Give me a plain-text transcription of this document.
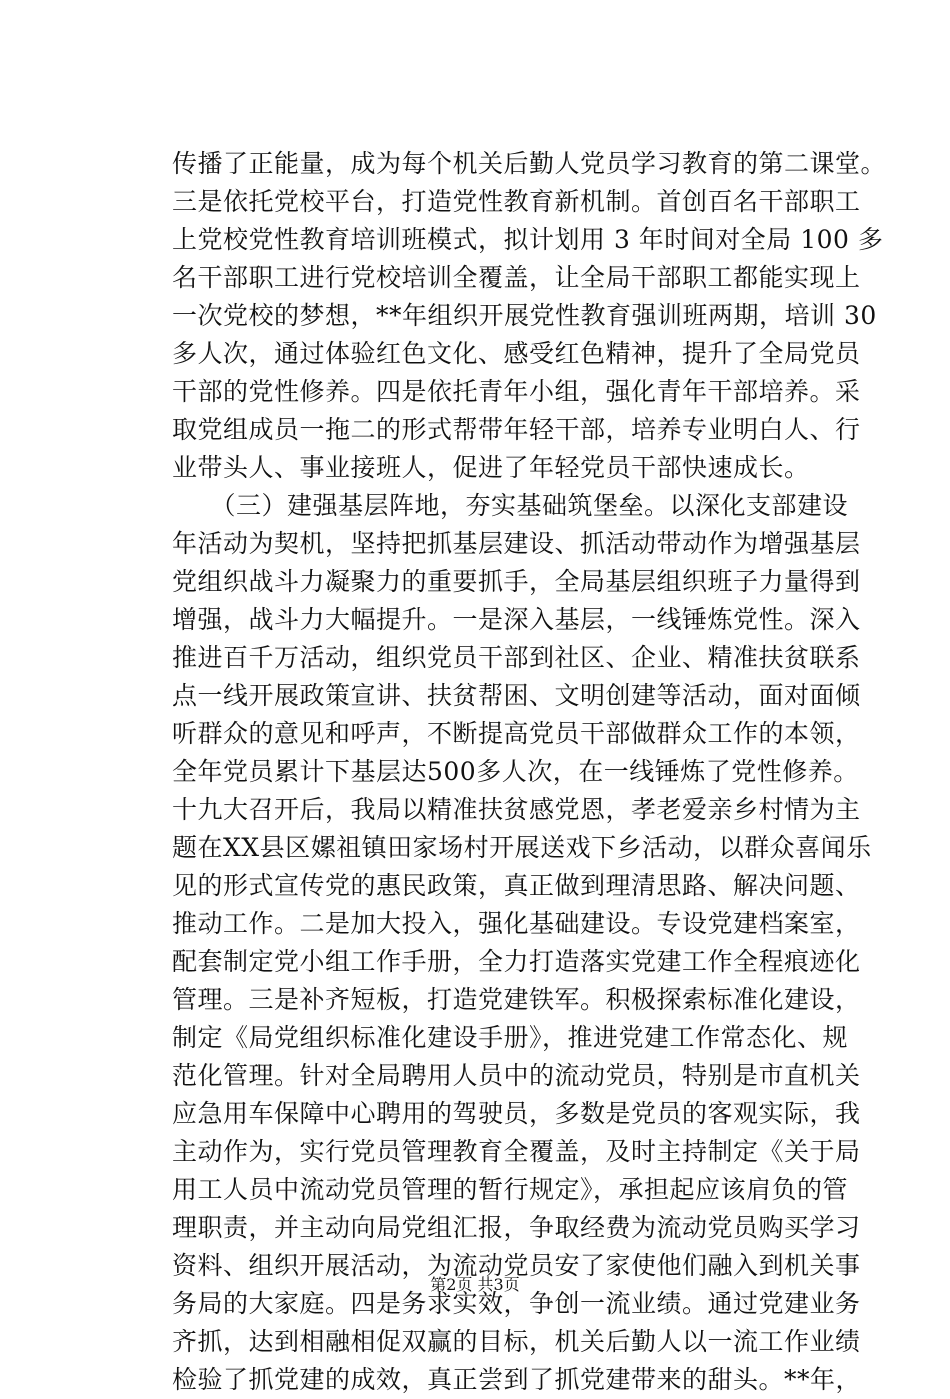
传播了正能量，成为每个机关后勤人党员学习教育的第二课堂。
三是依托党校平台，打造党性教育新机制。首创百名干部职工
上党校党性教育培训班模式，拟计划用 3 年时间对全局 100 多
名干部职工进行党校培训全覆盖，让全局干部职工都能实现上
一次党校的梦想，**年组织开展党性教育强训班两期，培训 30
多人次，通过体验红色文化、感受红色精神，提升了全局党员
干部的党性修养。四是依托青年小组，强化青年干部培养。采
取党组成员一拖二的形式帮带年轻干部，培养专业明白人、行
业带头人、事业接班人，促进了年轻党员干部快速成长。
　　（三）建强基层阵地，夯实基础筑堡垒。以深化支部建设
年活动为契机，坚持把抓基层建设、抓活动带动作为增强基层
党组织战斗力凝聚力的重要抓手，全局基层组织班子力量得到
增强，战斗力大幅提升。一是深入基层，一线锤炼党性。深入
推进百千万活动，组织党员干部到社区、企业、精准扶贫联系
点一线开展政策宣讲、扶贫帮困、文明创建等活动，面对面倾
听群众的意见和呼声，不断提高党员干部做群众工作的本领，
全年党员累计下基层达500多人次，在一线锤炼了党性修养。
十九大召开后，我局以精准扶贫感党恩，孝老爱亲乡村情为主
题在XX县区嫘祖镇田家场村开展送戏下乡活动，以群众喜闻乐
见的形式宣传党的惠民政策，真正做到理清思路、解决问题、
推动工作。二是加大投入，强化基础建设。专设党建档案室，
配套制定党小组工作手册，全力打造落实党建工作全程痕迹化
管理。三是补齐短板，打造党建铁军。积极探索标准化建设，
制定《局党组织标准化建设手册》，推进党建工作常态化、规
范化管理。针对全局聘用人员中的流动党员，特别是市直机关
应急用车保障中心聘用的驾驶员，多数是党员的客观实际，我
主动作为，实行党员管理教育全覆盖，及时主持制定《关于局
用工人员中流动党员管理的暂行规定》，承担起应该肩负的管
理职责，并主动向局党组汇报，争取经费为流动党员购买学习
资料、组织开展活动，为流动党员安了家使他们融入到机关事
务局的大家庭。四是务求实效，争创一流业绩。通过党建业务
齐抓，达到相融相促双赢的目标，机关后勤人以一流工作业绩
检验了抓党建的成效，真正尝到了抓党建带来的甜头。**年，
第2页 共3页
